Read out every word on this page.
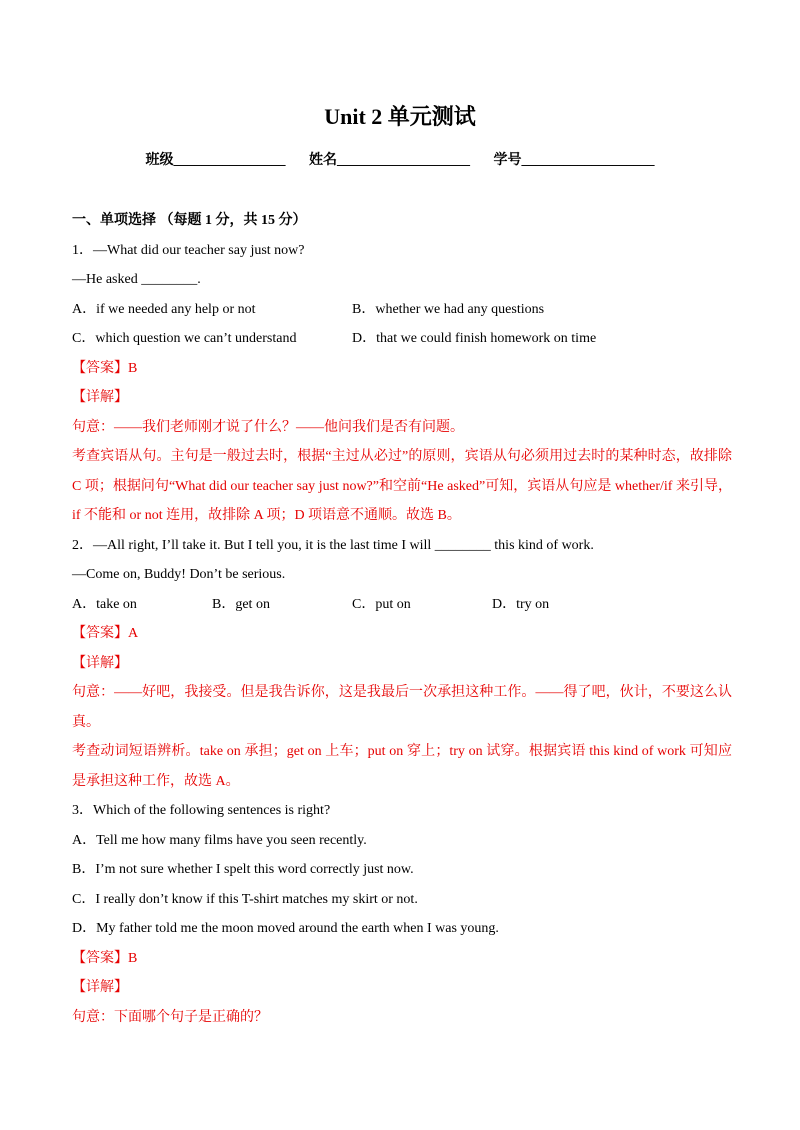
Unit 2 单元测试
班级________________ 姓名___________________ 学号___________________
一、单项选择 （每题 1 分，共 15 分）
1．—What did our teacher say just now?
—He asked ________.
A．if we needed any help or not	B．whether we had any questions
C．which question we can’t understand	D．that we could finish homework on time
【答案】B
【详解】
句意：——我们老师刚才说了什么？——他问我们是否有问题。
考查宾语从句。主句是一般过去时，根据“主过从必过”的原则，宾语从句必须用过去时的某种时态，故排除 C 项；根据问句“What did our teacher say just now?”和空前“He asked”可知，宾语从句应是 whether/if 来引导，if 不能和 or not 连用，故排除 A 项；D 项语意不通顺。故选 B。
2．—All right, I’ll take it. But I tell you, it is the last time I will ________ this kind of work.
—Come on, Buddy! Don’t be serious.
A．take on	B．get on	C．put on	D．try on
【答案】A
【详解】
句意：——好吧，我接受。但是我告诉你，这是我最后一次承担这种工作。——得了吧，伙计，不要这么认真。
考查动词短语辨析。take on 承担；get on 上车；put on 穿上；try on 试穿。根据宾语 this kind of work 可知应是承担这种工作，故选 A。
3．Which of the following sentences is right?
A．Tell me how many films have you seen recently.
B．I’m not sure whether I spelt this word correctly just now.
C．I really don’t know if this T-shirt matches my skirt or not.
D．My father told me the moon moved around the earth when I was young.
【答案】B
【详解】
句意：下面哪个句子是正确的？
